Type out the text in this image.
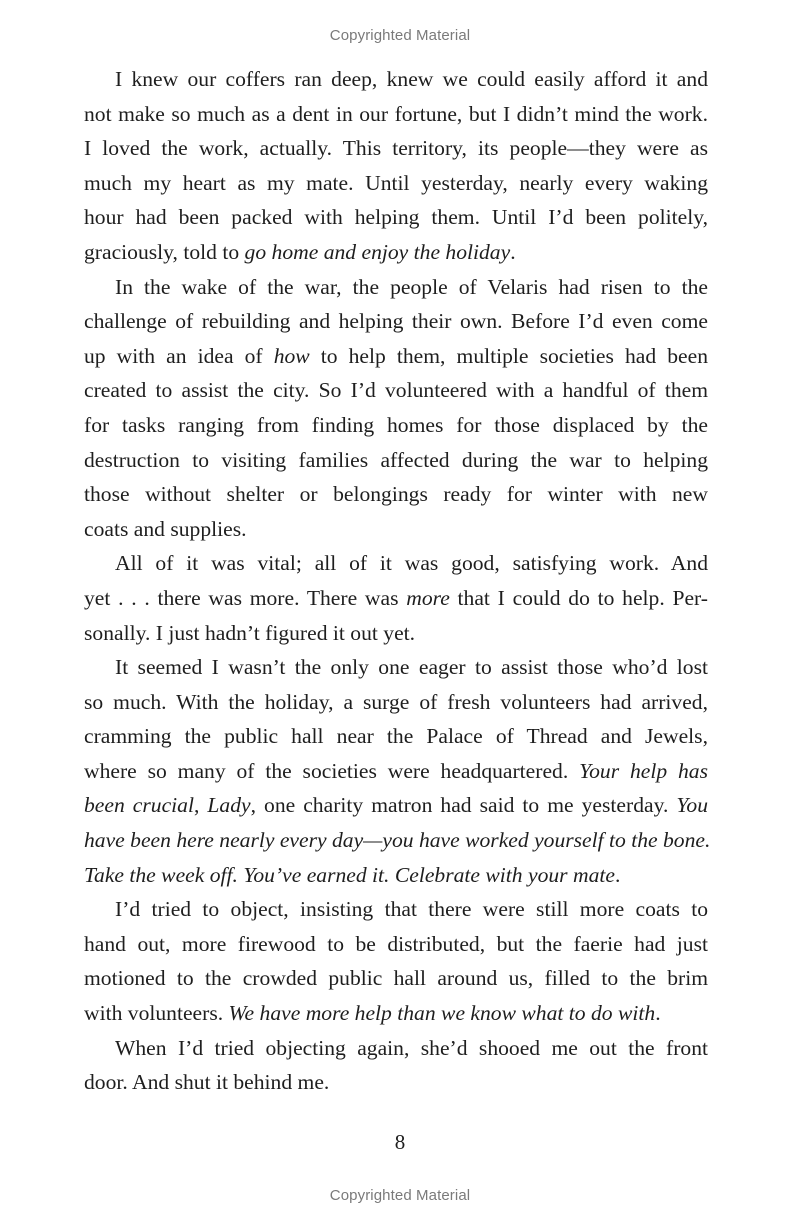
Copyrighted Material
I knew our coffers ran deep, knew we could easily afford it and
not make so much as a dent in our fortune, but I didn’t mind the work.
I loved the work, actually. This territory, its people—they were as
much my heart as my mate. Until yesterday, nearly every waking
hour had been packed with helping them. Until I’d been politely,
graciously, told to go home and enjoy the holiday.
In the wake of the war, the people of Velaris had risen to the
challenge of rebuilding and helping their own. Before I’d even come
up with an idea of how to help them, multiple societies had been
created to assist the city. So I’d volunteered with a handful of them
for tasks ranging from finding homes for those displaced by the
destruction to visiting families affected during the war to helping
those without shelter or belongings ready for winter with new
coats and supplies.
All of it was vital; all of it was good, satisfying work. And
yet . . . there was more. There was more that I could do to help. Per-
sonally. I just hadn’t figured it out yet.
It seemed I wasn’t the only one eager to assist those who’d lost
so much. With the holiday, a surge of fresh volunteers had arrived,
cramming the public hall near the Palace of Thread and Jewels,
where so many of the societies were headquartered. Your help has
been crucial, Lady, one charity matron had said to me yesterday. You
have been here nearly every day—you have worked yourself to the bone.
Take the week off. You’ve earned it. Celebrate with your mate.
I’d tried to object, insisting that there were still more coats to
hand out, more firewood to be distributed, but the faerie had just
motioned to the crowded public hall around us, filled to the brim
with volunteers. We have more help than we know what to do with.
When I’d tried objecting again, she’d shooed me out the front
door. And shut it behind me.
8
Copyrighted Material
